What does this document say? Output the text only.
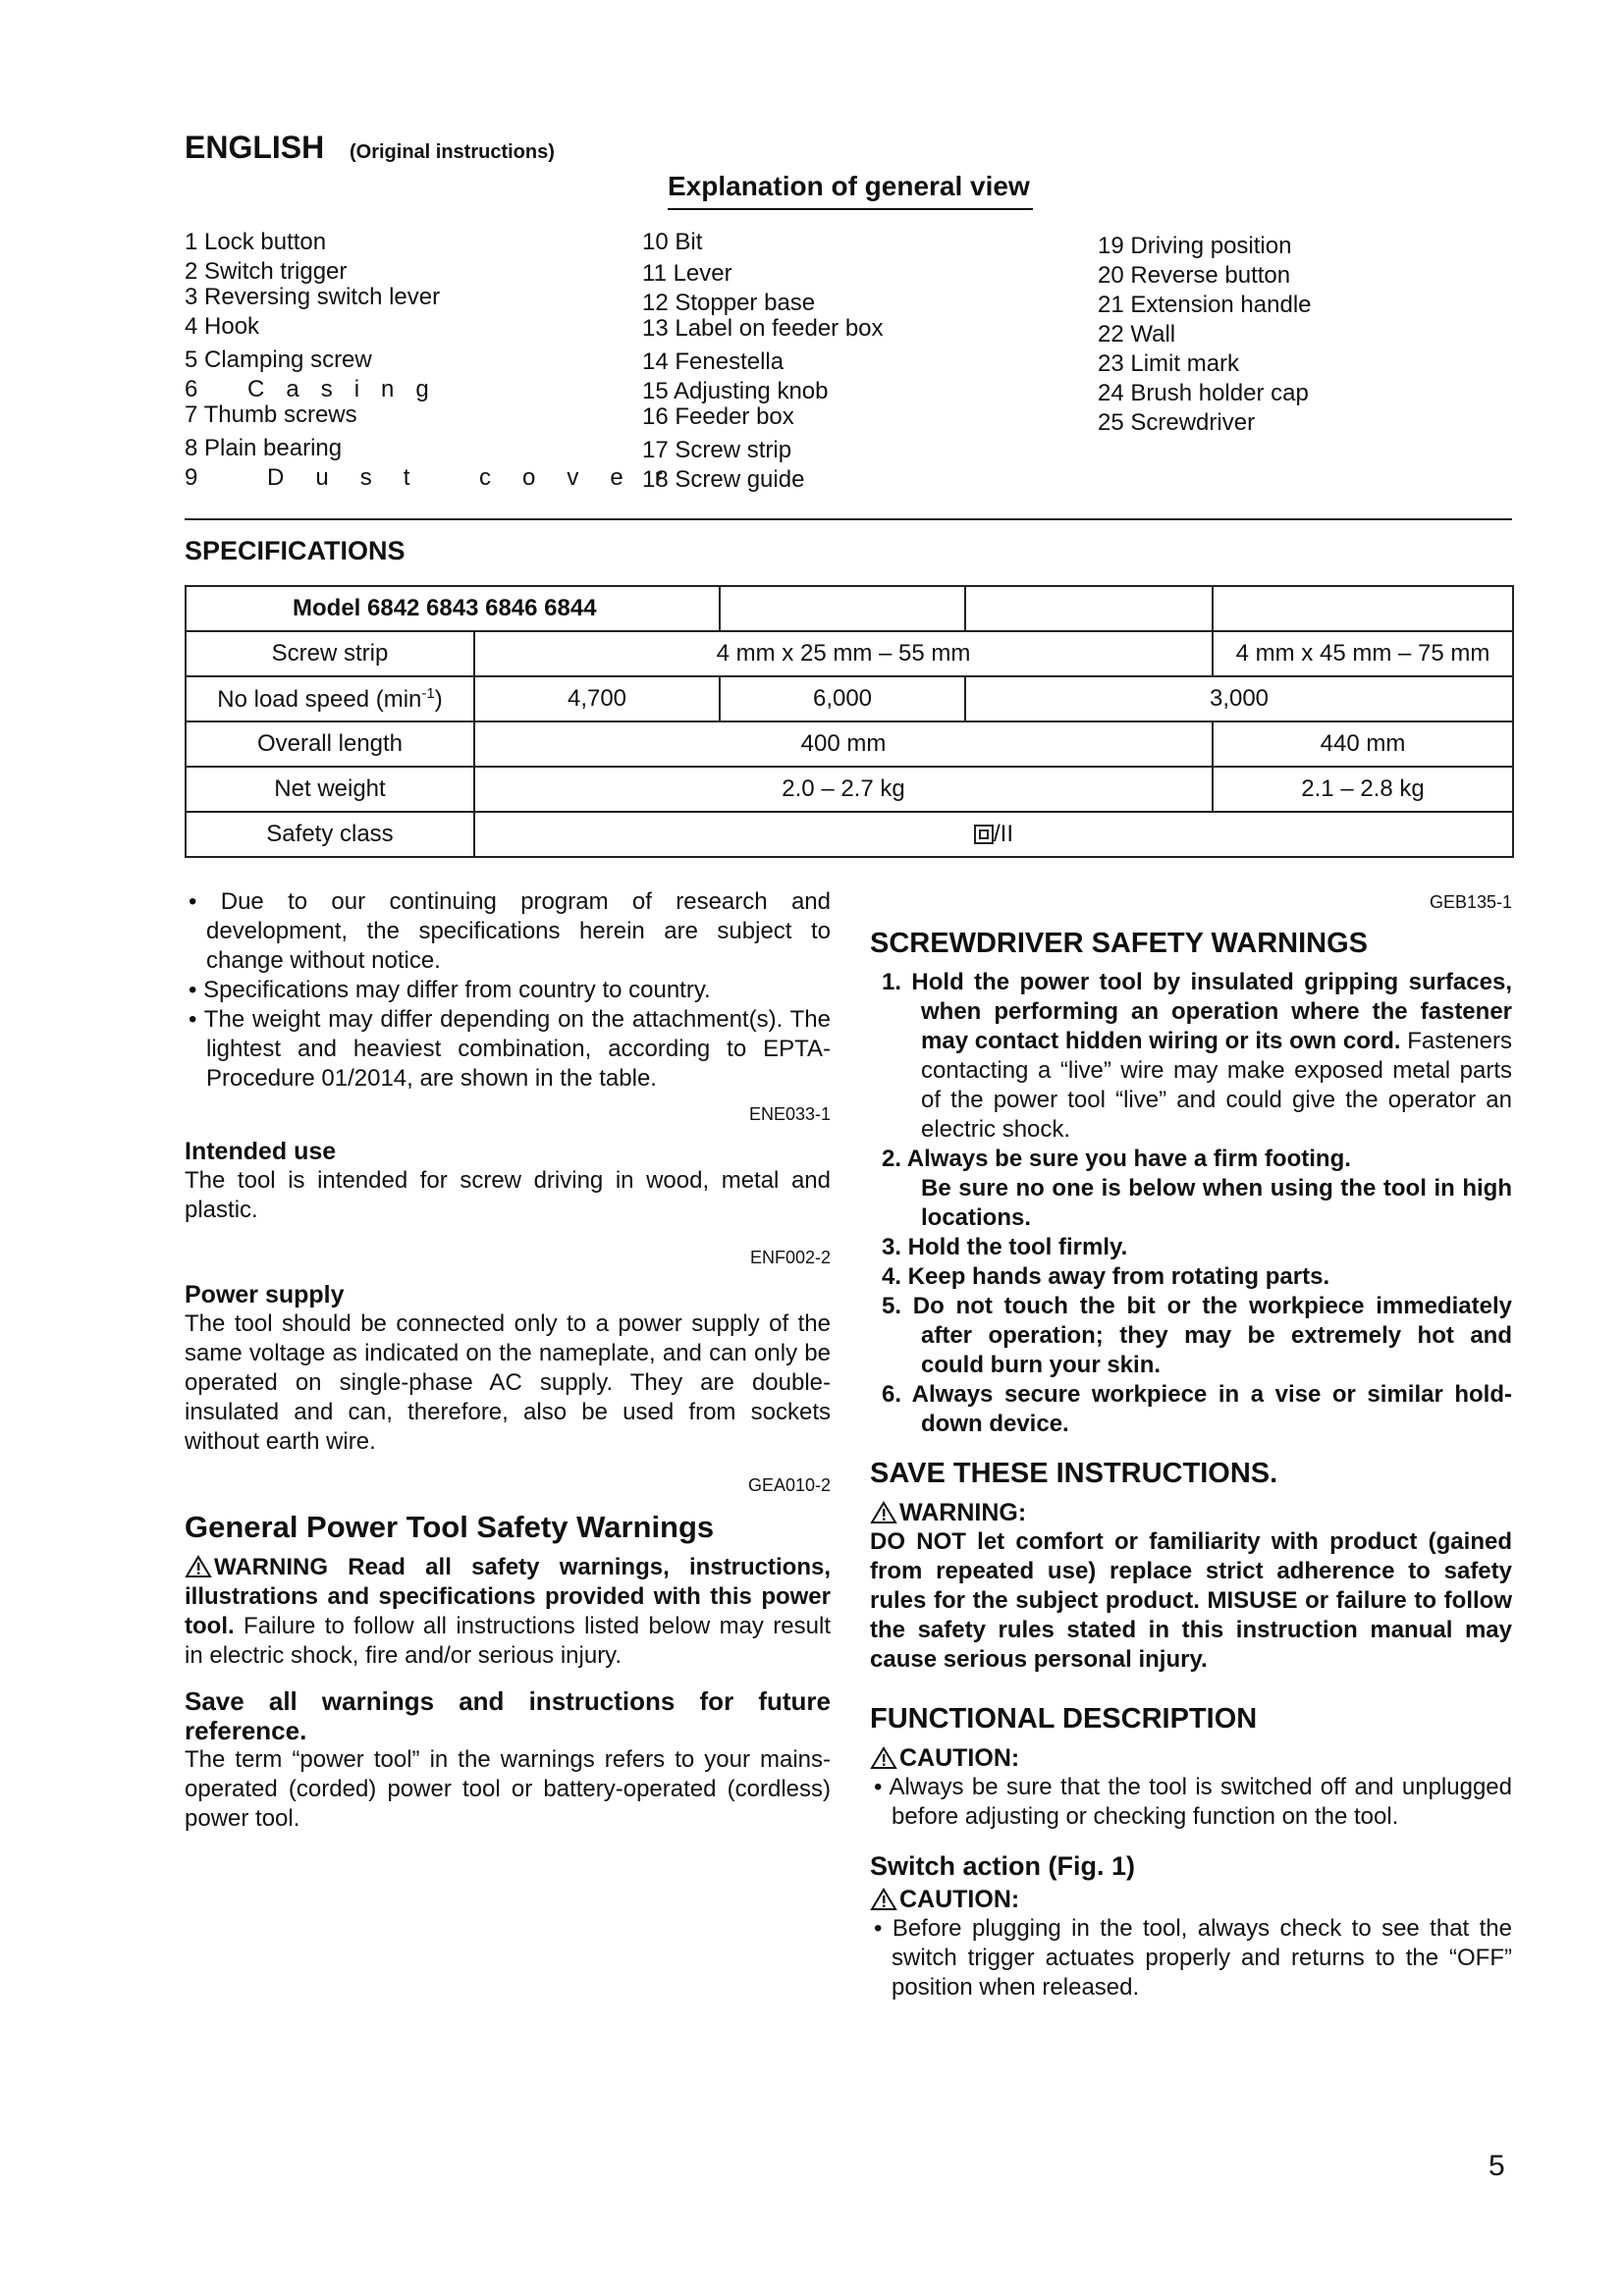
ENGLISH (Original instructions)
Explanation of general view
1 Lock button
2 Switch trigger
3 Reversing switch lever
4 Hook
5 Clamping screw
6 Casing
7 Thumb screws
8 Plain bearing
9 Dust cover
10 Bit
11 Lever
12 Stopper base
13 Label on feeder box
14 Fenestella
15 Adjusting knob
16 Feeder box
17 Screw strip
18 Screw guide
19 Driving position
20 Reverse button
21 Extension handle
22 Wall
23 Limit mark
24 Brush holder cap
25 Screwdriver
SPECIFICATIONS
Model 6842 6843 6846 6844				
Screw strip	4 mm x 25 mm – 55 mm			4 mm x 45 mm – 75 mm
No load speed $(\min^{-1})$	4,700	6,000	3,000	
Overall length	400 mm			440 mm
Net weight	2.0 – 2.7 kg			2.1 – 2.8 kg
Safety class	/II			

• Due to our continuing program of research and development, the specifications herein are subject to change without notice.

• Specifications may differ from country to country.

• The weight may differ depending on the attachment(s). The lightest and heaviest combination, according to EPTA-Procedure 01/2014, are shown in the table.

ENE033-1

Intended use

The tool is intended for screw driving in wood, metal and plastic.

ENF002-2

Power supply

The tool should be connected only to a power supply of the same voltage as indicated on the nameplate, and can only be operated on single-phase AC supply. They are double-insulated and can, therefore, also be used from sockets without earth wire.

GEA010-2

General Power Tool Safety Warnings

WARNING Read all safety warnings, instructions, illustrations and specifications provided with this power tool. Failure to follow all instructions listed below may result in electric shock, fire and/or serious injury.

Save all warnings and instructions for future reference.

The term “power tool” in the warnings refers to your mains-operated (corded) power tool or battery-operated (cordless) power tool.

GEB135-1

SCREWDRIVER SAFETY WARNINGS

1. Hold the power tool by insulated gripping surfaces, when performing an operation where the fastener may contact hidden wiring or its own cord. Fasteners contacting a “live” wire may make exposed metal parts of the power tool “live” and could give the operator an electric shock.

2. Always be sure you have a firm footing.

Be sure no one is below when using the tool in high locations.

3. Hold the tool firmly.

4. Keep hands away from rotating parts.

5. Do not touch the bit or the workpiece immediately after operation; they may be extremely hot and could burn your skin.

6. Always secure workpiece in a vise or similar hold-down device.

SAVE THESE INSTRUCTIONS.

WARNING:

DO NOT let comfort or familiarity with product (gained from repeated use) replace strict adherence to safety rules for the subject product. MISUSE or failure to follow the safety rules stated in this instruction manual may cause serious personal injury.

FUNCTIONAL DESCRIPTION

CAUTION:

• Always be sure that the tool is switched off and unplugged before adjusting or checking function on the tool.

Switch action (Fig. 1)

CAUTION:

• Before plugging in the tool, always check to see that the switch trigger actuates properly and returns to the “OFF” position when released.

5
